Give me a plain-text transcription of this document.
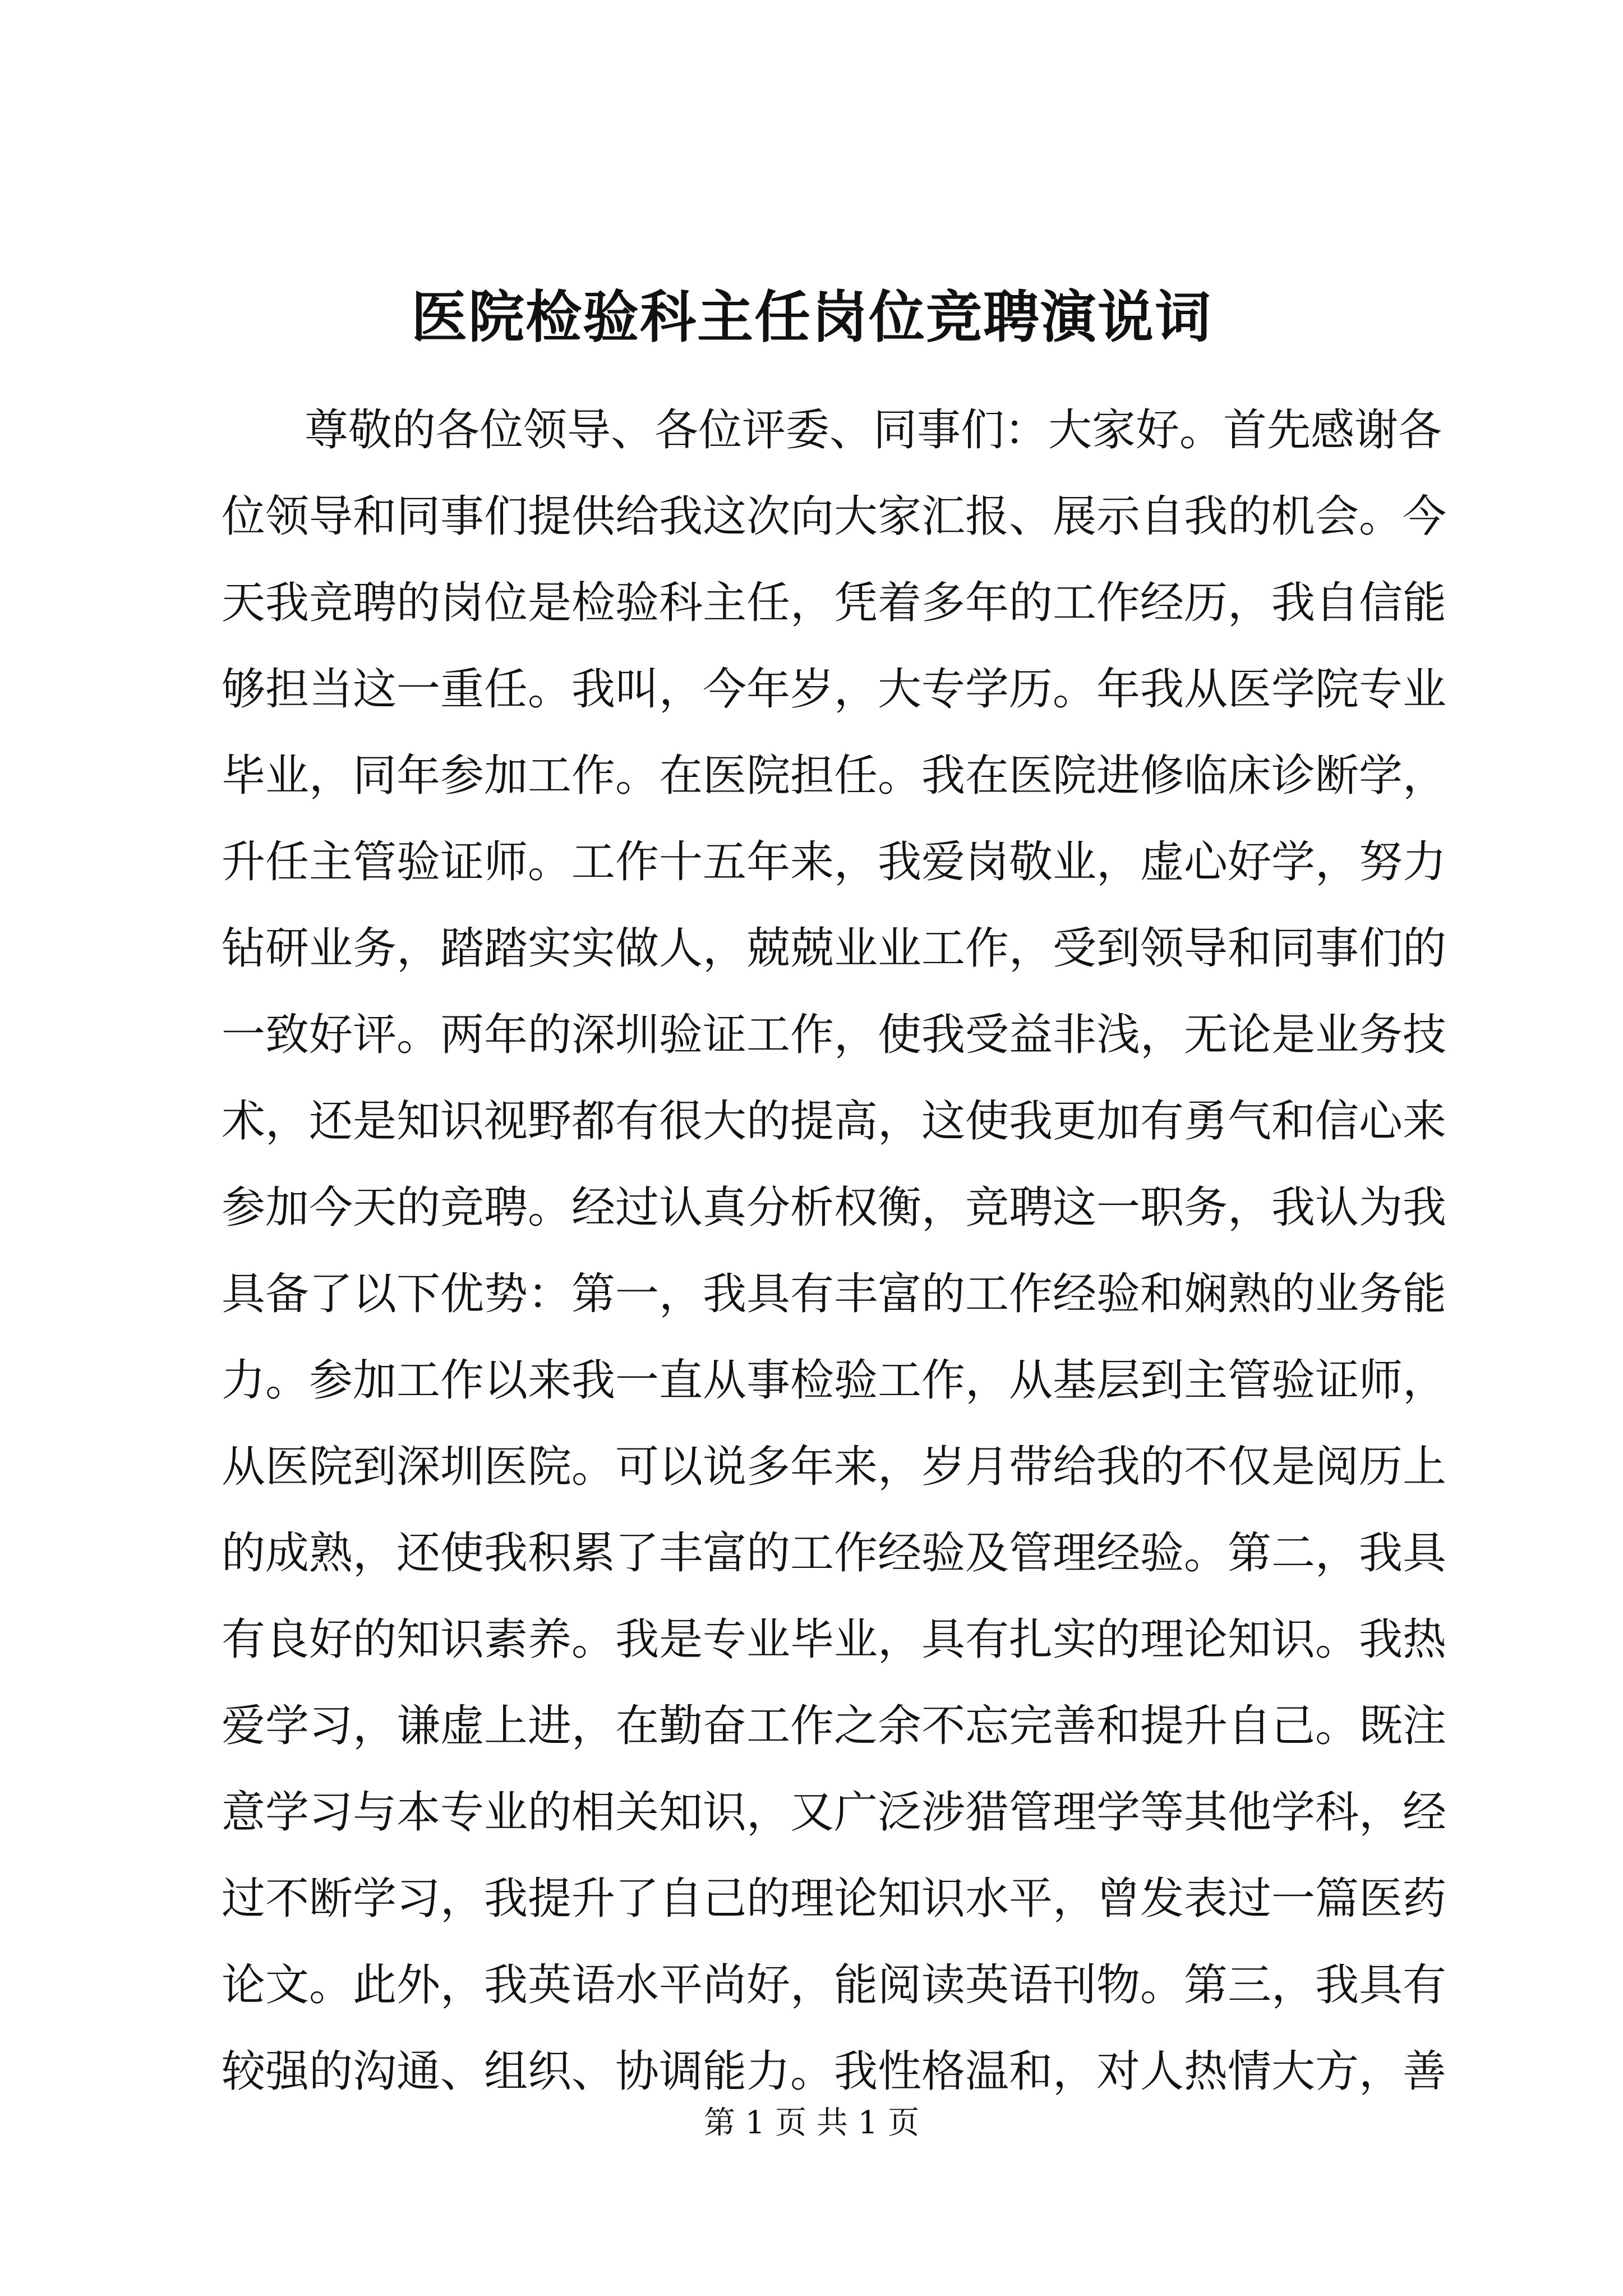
医院检验科主任岗位竞聘演说词
尊敬的各位领导、各位评委、同事们：大家好。首先感谢各
位领导和同事们提供给我这次向大家汇报、展示自我的机会。今
天我竞聘的岗位是检验科主任，凭着多年的工作经历，我自信能
够担当这一重任。我叫，今年岁，大专学历。年我从医学院专业
毕业，同年参加工作。在医院担任。我在医院进修临床诊断学，
升任主管验证师。工作十五年来，我爱岗敬业，虚心好学，努力
钻研业务，踏踏实实做人，兢兢业业工作，受到领导和同事们的
一致好评。两年的深圳验证工作，使我受益非浅，无论是业务技
术，还是知识视野都有很大的提高，这使我更加有勇气和信心来
参加今天的竞聘。经过认真分析权衡，竞聘这一职务，我认为我
具备了以下优势：第一，我具有丰富的工作经验和娴熟的业务能
力。参加工作以来我一直从事检验工作，从基层到主管验证师，
从医院到深圳医院。可以说多年来，岁月带给我的不仅是阅历上
的成熟，还使我积累了丰富的工作经验及管理经验。第二，我具
有良好的知识素养。我是专业毕业，具有扎实的理论知识。我热
爱学习，谦虚上进，在勤奋工作之余不忘完善和提升自己。既注
意学习与本专业的相关知识，又广泛涉猎管理学等其他学科，经
过不断学习，我提升了自己的理论知识水平，曾发表过一篇医药
论文。此外，我英语水平尚好，能阅读英语刊物。第三，我具有
较强的沟通、组织、协调能力。我性格温和，对人热情大方，善
第 1 页 共 1 页
